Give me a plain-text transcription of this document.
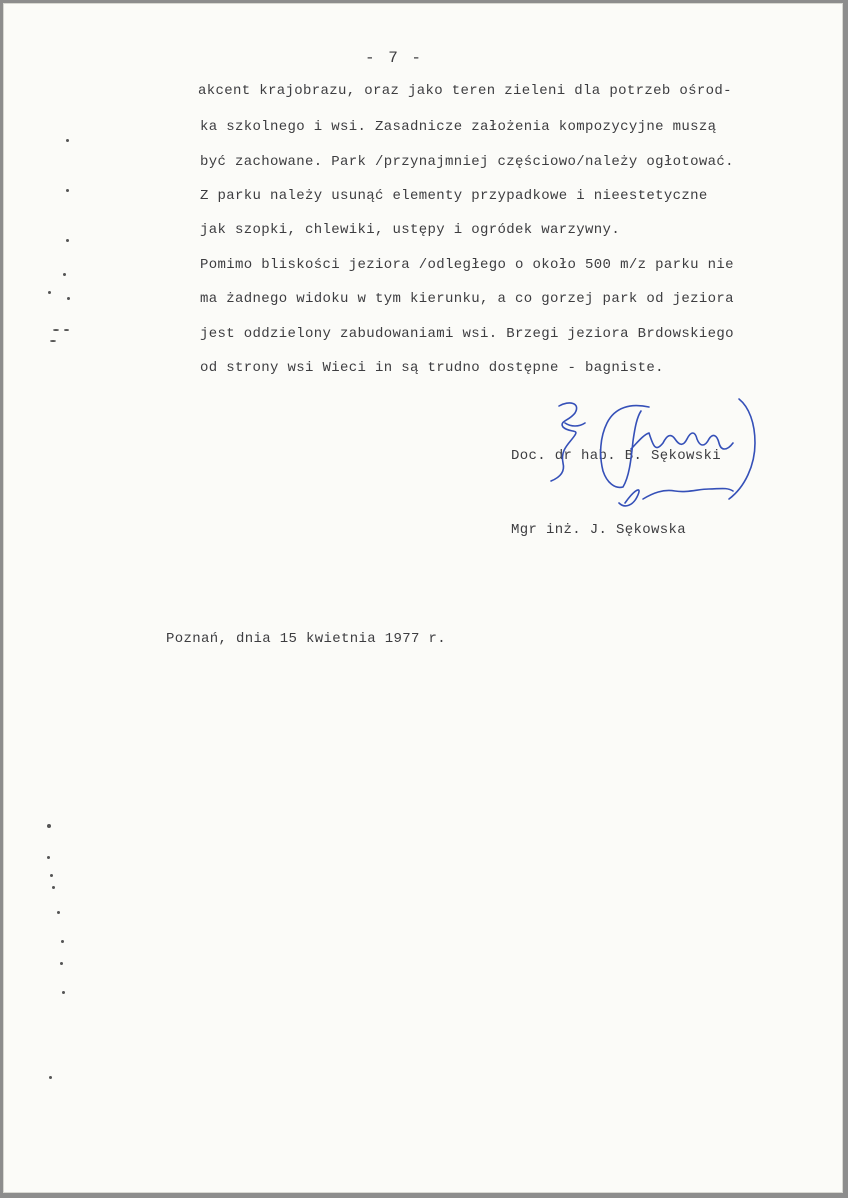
- 7 -
akcent krajobrazu, oraz jako teren zieleni dla potrzeb ośrod-
ka szkolnego i wsi. Zasadnicze założenia kompozycyjne muszą
być zachowane. Park /przynajmniej częściowo/należy ogłotować.
Z parku należy usunąć elementy przypadkowe i nieestetyczne
jak szopki, chlewiki, ustępy i ogródek warzywny.
Pomimo bliskości jeziora /odległego o około 500 m/z parku nie
ma żadnego widoku w tym kierunku, a co gorzej park od jeziora
jest oddzielony zabudowaniami wsi. Brzegi jeziora Brdowskiego
od strony wsi Wieci in są trudno dostępne - bagniste.
Doc. dr hab. B. Sękowski
Mgr inż. J. Sękowska
Poznań, dnia 15 kwietnia 1977 r.
